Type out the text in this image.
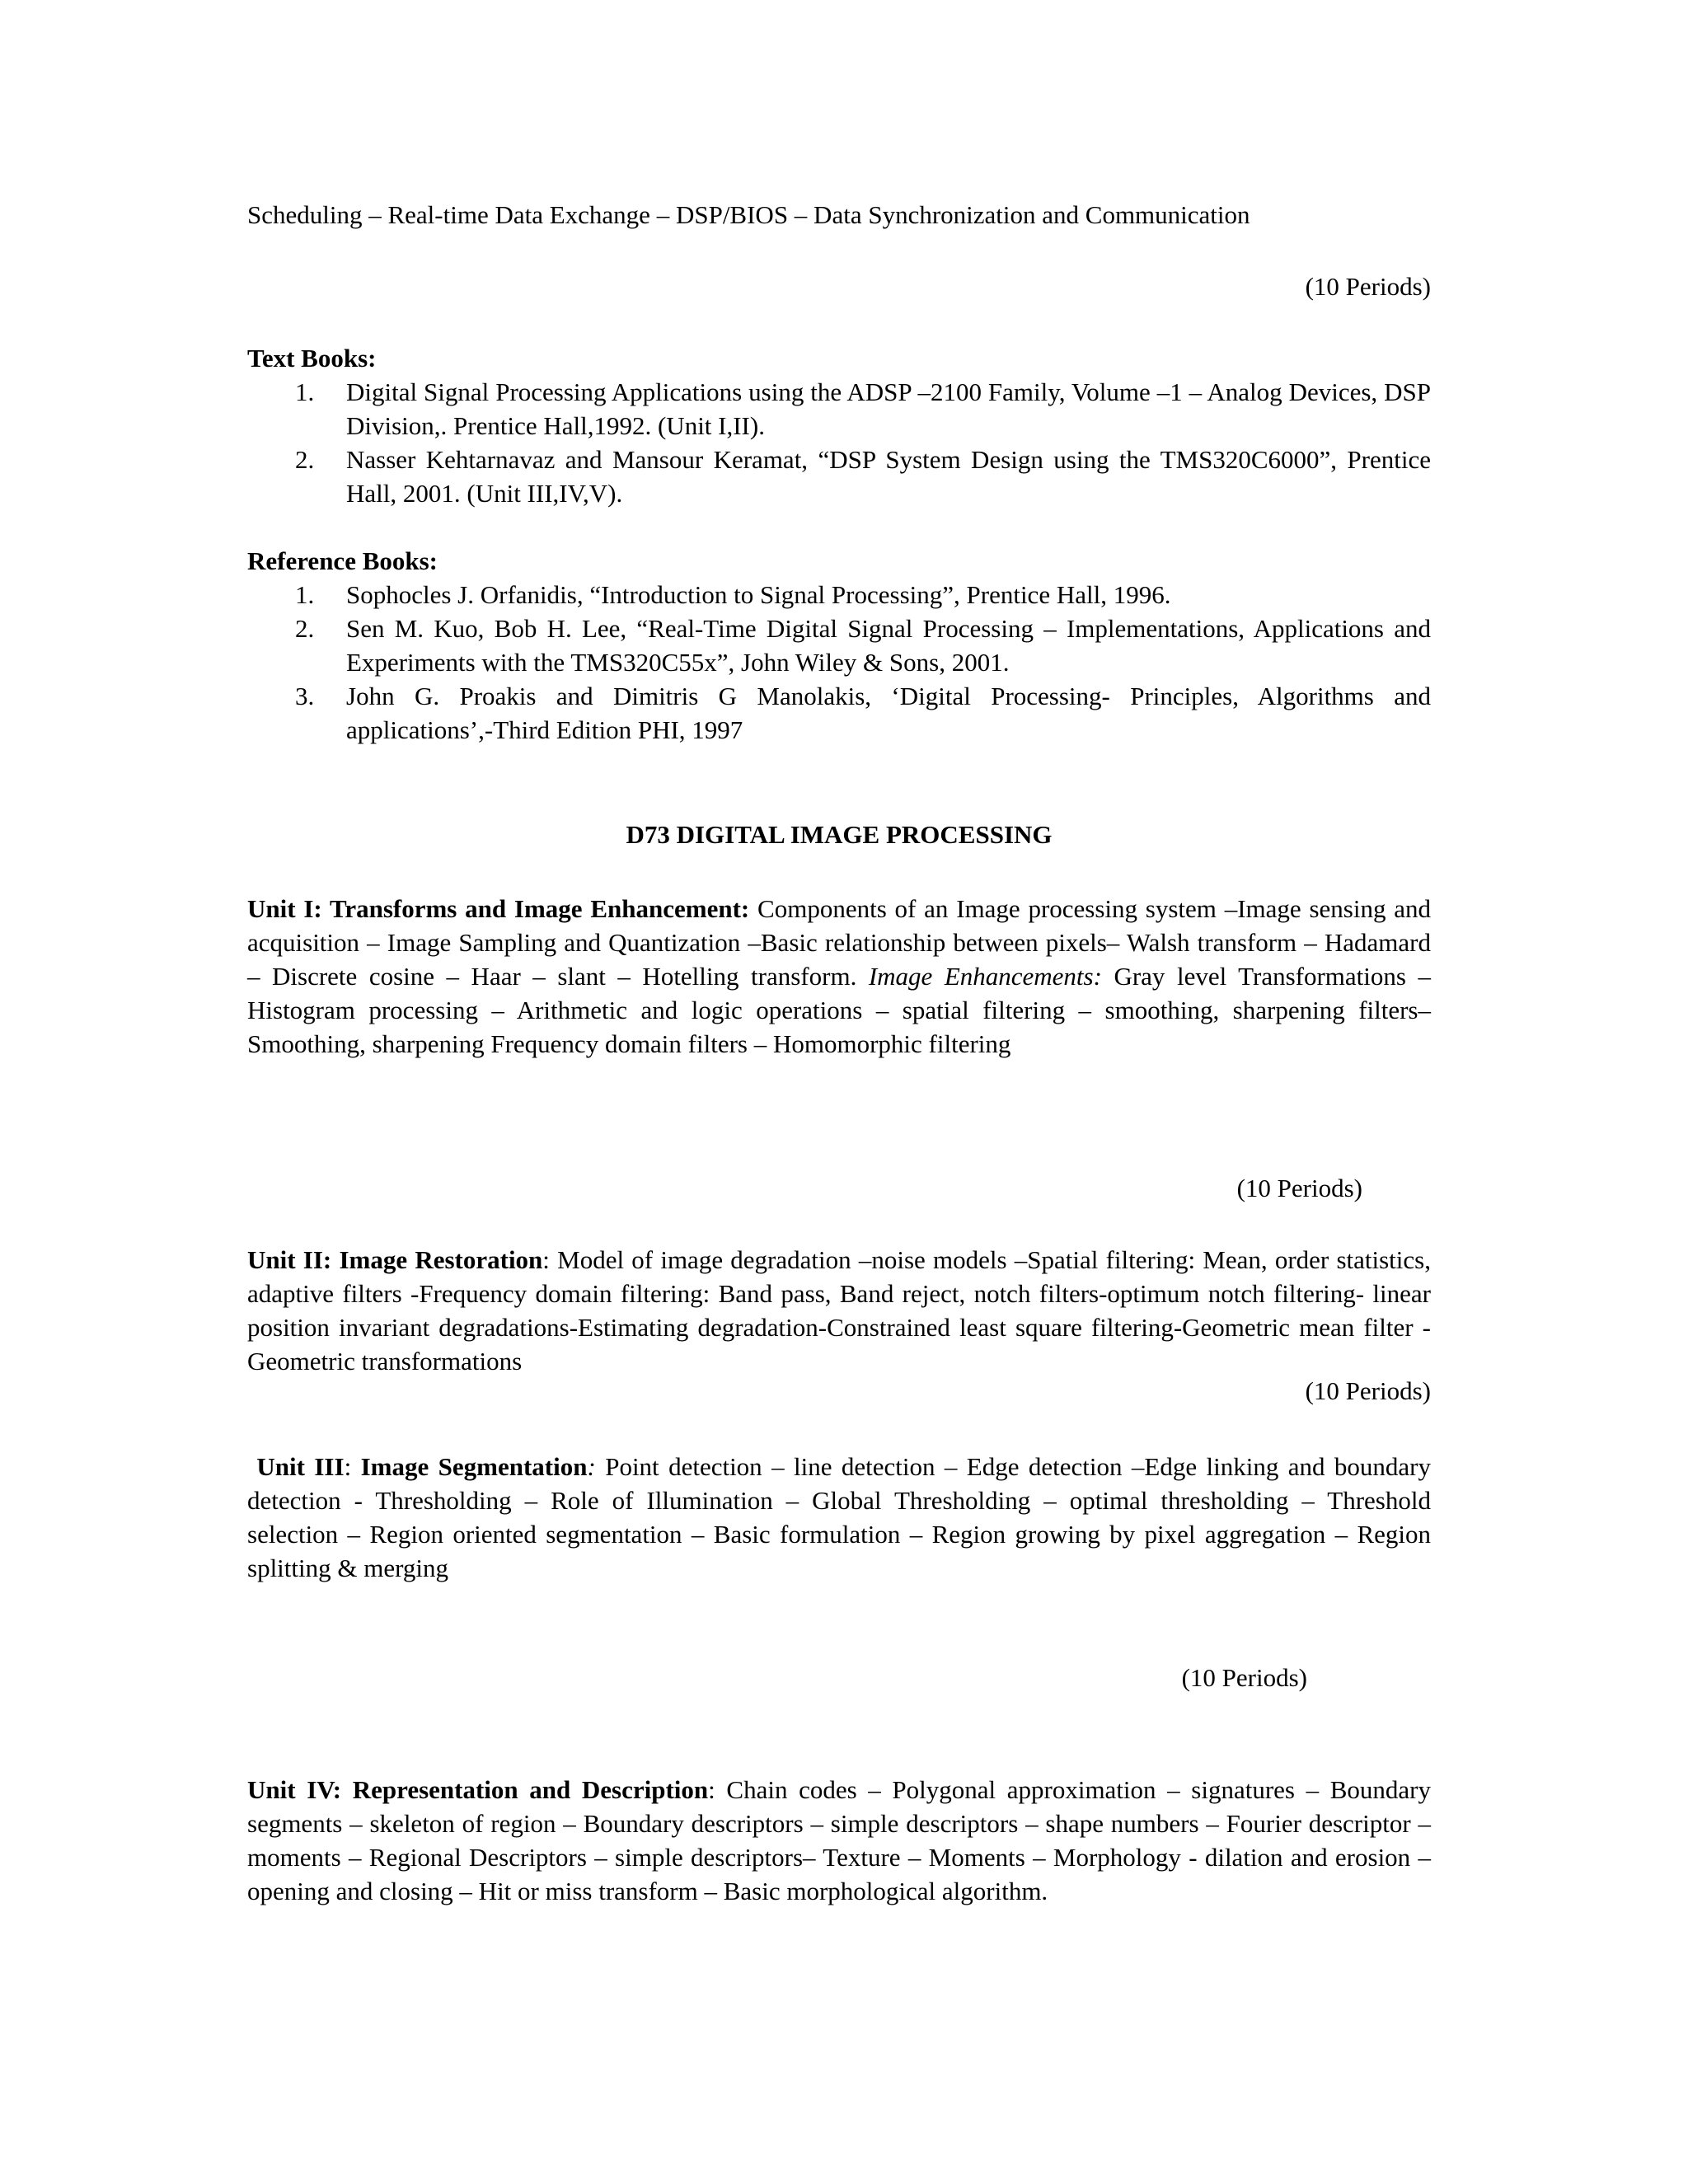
Scheduling – Real-time Data Exchange – DSP/BIOS – Data Synchronization and Communication
(10 Periods)
Text Books:
1. Digital Signal Processing Applications using the ADSP –2100 Family, Volume –1 – Analog Devices, DSP Division,. Prentice Hall,1992. (Unit I,II).
2. Nasser Kehtarnavaz and Mansour Keramat, “DSP System Design using the TMS320C6000”, Prentice Hall, 2001. (Unit III,IV,V).
Reference Books:
1. Sophocles J. Orfanidis, “Introduction to Signal Processing”, Prentice Hall, 1996.
2. Sen M. Kuo, Bob H. Lee, “Real-Time Digital Signal Processing – Implementations, Applications and Experiments with the TMS320C55x”, John Wiley & Sons, 2001.
3. John G. Proakis and Dimitris G Manolakis, ‘Digital Processing- Principles, Algorithms and applications’,-Third Edition PHI, 1997
D73 DIGITAL IMAGE PROCESSING
Unit I: Transforms and Image Enhancement: Components of an Image processing system –Image sensing and acquisition – Image Sampling and Quantization –Basic relationship between pixels– Walsh transform – Hadamard – Discrete cosine – Haar – slant – Hotelling transform. Image Enhancements: Gray level Transformations – Histogram processing – Arithmetic and logic operations – spatial filtering – smoothing, sharpening filters– Smoothing, sharpening Frequency domain filters – Homomorphic filtering
(10 Periods)
Unit II: Image Restoration: Model of image degradation –noise models –Spatial filtering: Mean, order statistics, adaptive filters -Frequency domain filtering: Band pass, Band reject, notch filters-optimum notch filtering- linear position invariant degradations-Estimating degradation-Constrained least square filtering-Geometric mean filter -Geometric transformations
(10 Periods)
Unit III: Image Segmentation: Point detection – line detection – Edge detection –Edge linking and boundary detection - Thresholding – Role of Illumination – Global Thresholding – optimal thresholding – Threshold selection – Region oriented segmentation – Basic formulation – Region growing by pixel aggregation – Region splitting & merging
(10 Periods)
Unit IV: Representation and Description: Chain codes – Polygonal approximation – signatures – Boundary segments – skeleton of region – Boundary descriptors – simple descriptors – shape numbers – Fourier descriptor – moments – Regional Descriptors – simple descriptors– Texture – Moments – Morphology - dilation and erosion – opening and closing – Hit or miss transform – Basic morphological algorithm.
